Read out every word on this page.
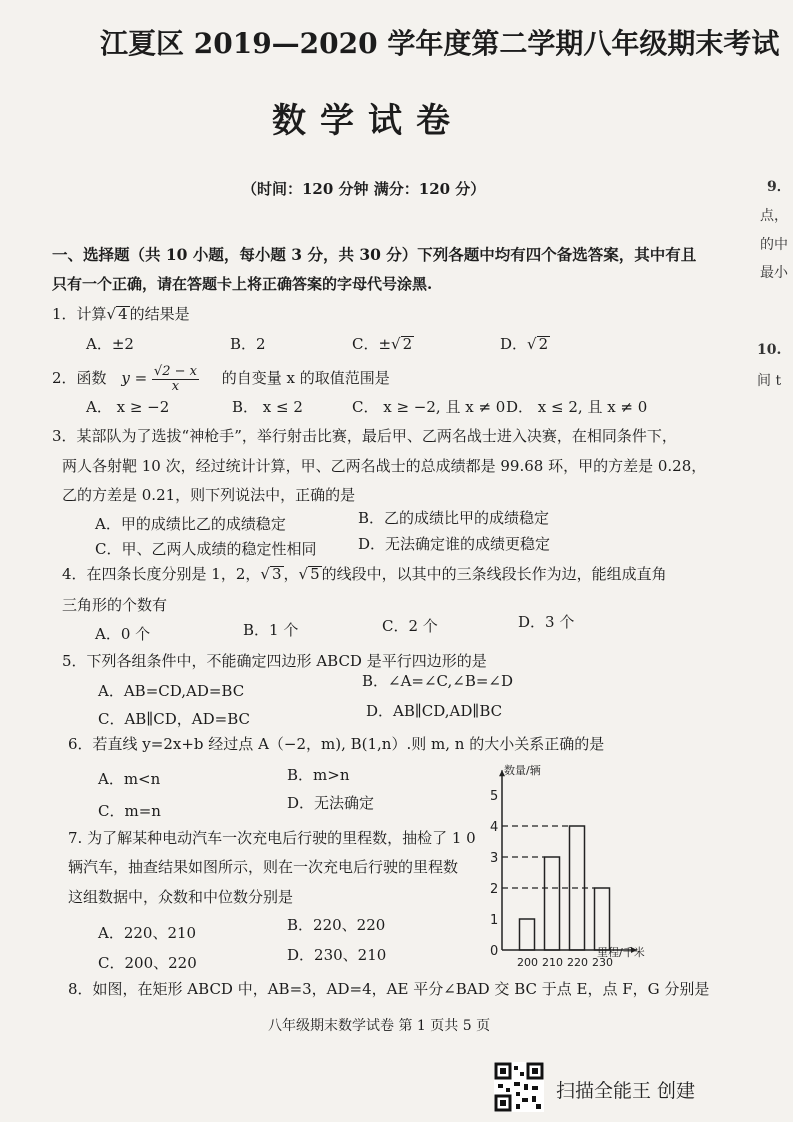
江夏区 2019—2020 学年度第二学期八年级期末考试
数学试卷
（时间：120 分钟 满分：120 分）
一、选择题（共 10 小题，每小题 3 分，共 30 分）下列各题中均有四个备选答案，其中有且
只有一个正确，请在答题卡上将正确答案的字母代号涂黑.
1．计算√ 4 的结果是
A．±2	B．2	C．±√ 2	D．√ 2
2．函数 $y = \frac{√2 - x}{x}$ 的自变量 x 的取值范围是
A． x ≥ −2	B． x ≤ 2	C． x ≥ −2, 且 x ≠ 0 D． x ≤ 2, 且 x ≠ 0
3．某部队为了选拔“神枪手”，举行射击比赛，最后甲、乙两名战士进入决赛，在相同条件下，
两人各射靶 10 次，经过统计计算，甲、乙两名战士的总成绩都是 99.68 环，甲的方差是 0.28，
乙的方差是 0.21，则下列说法中，正确的是
A．甲的成绩比乙的成绩稳定	B．乙的成绩比甲的成绩稳定
C．甲、乙两人成绩的稳定性相同	D．无法确定谁的成绩更稳定
4．在四条长度分别是 1，2，√ 3 ，√ 5 的线段中，以其中的三条线段长作为边，能组成直角
三角形的个数有
A．0 个	B．1 个	C．2 个	D．3 个
5．下列各组条件中，不能确定四边形 ABCD 是平行四边形的是
A．AB=CD,AD=BC
B．∠A=∠C,∠B=∠D
C．AB∥CD，AD=BC	D．AB∥CD,AD∥BC
6．若直线 y=2x+b 经过点 A（−2，m), B(1,n）.则 m, n 的大小关系正确的是
A．m<n	B．m>n
C．m=n	D．无法确定
7. 为了解某种电动汽车一次充电后行驶的里程数，抽检了 1 0
辆汽车，抽查结果如图所示，则在一次充电后行驶的里程数
这组数据中，众数和中位数分别是
A．220、210	B．220、220
C．200、220	D．230、210
8．如图，在矩形 ABCD 中，AB=3，AD=4，AE 平分∠BAD 交 BC 于点 E，点 F，G 分别是
数量/辆
里程/千米
0
1
2
3
4
5
200 210 220 230
八年级期末数学试卷 第 1 页共 5 页
扫描全能王 创建
9．
点，
的中
最小
10.
间 t
